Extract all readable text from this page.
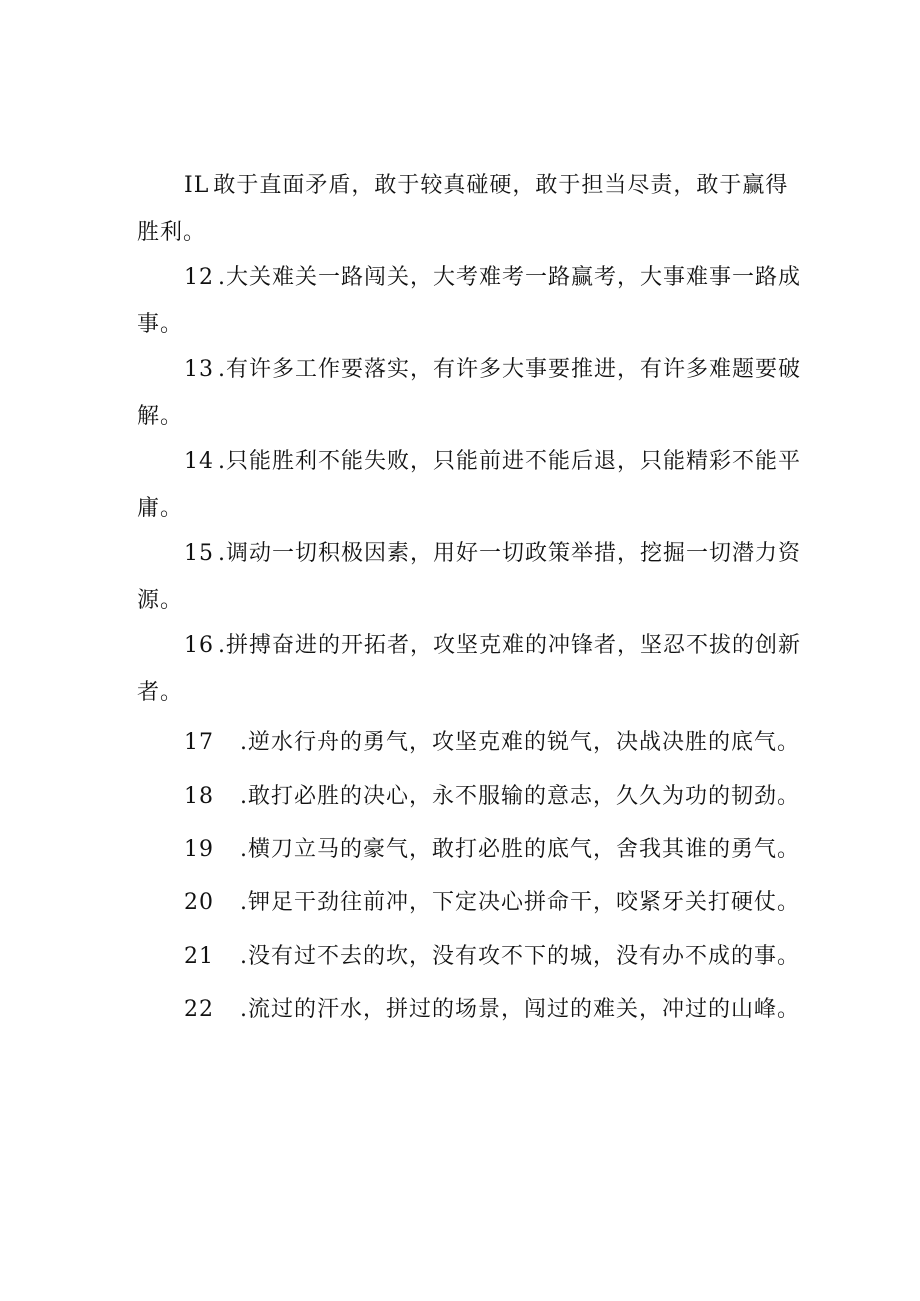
IL 敢于直面矛盾，敢于较真碰硬，敢于担当尽责，敢于赢得胜利。

12 .大关难关一路闯关，大考难考一路赢考，大事难事一路成事。

13 .有许多工作要落实，有许多大事要推进，有许多难题要破解。

14 .只能胜利不能失败，只能前进不能后退，只能精彩不能平庸。

15 .调动一切积极因素，用好一切政策举措，挖掘一切潜力资源。

16 .拼搏奋进的开拓者，攻坚克难的冲锋者，坚忍不拔的创新者。

17 .逆水行舟的勇气，攻坚克难的锐气，决战决胜的底气。

18 .敢打必胜的决心，永不服输的意志，久久为功的韧劲。

19 .横刀立马的豪气，敢打必胜的底气，舍我其谁的勇气。

20 .钾足干劲往前冲，下定决心拼命干，咬紧牙关打硬仗。

21 .没有过不去的坎，没有攻不下的城，没有办不成的事。

22 .流过的汗水，拼过的场景，闯过的难关，冲过的山峰。
